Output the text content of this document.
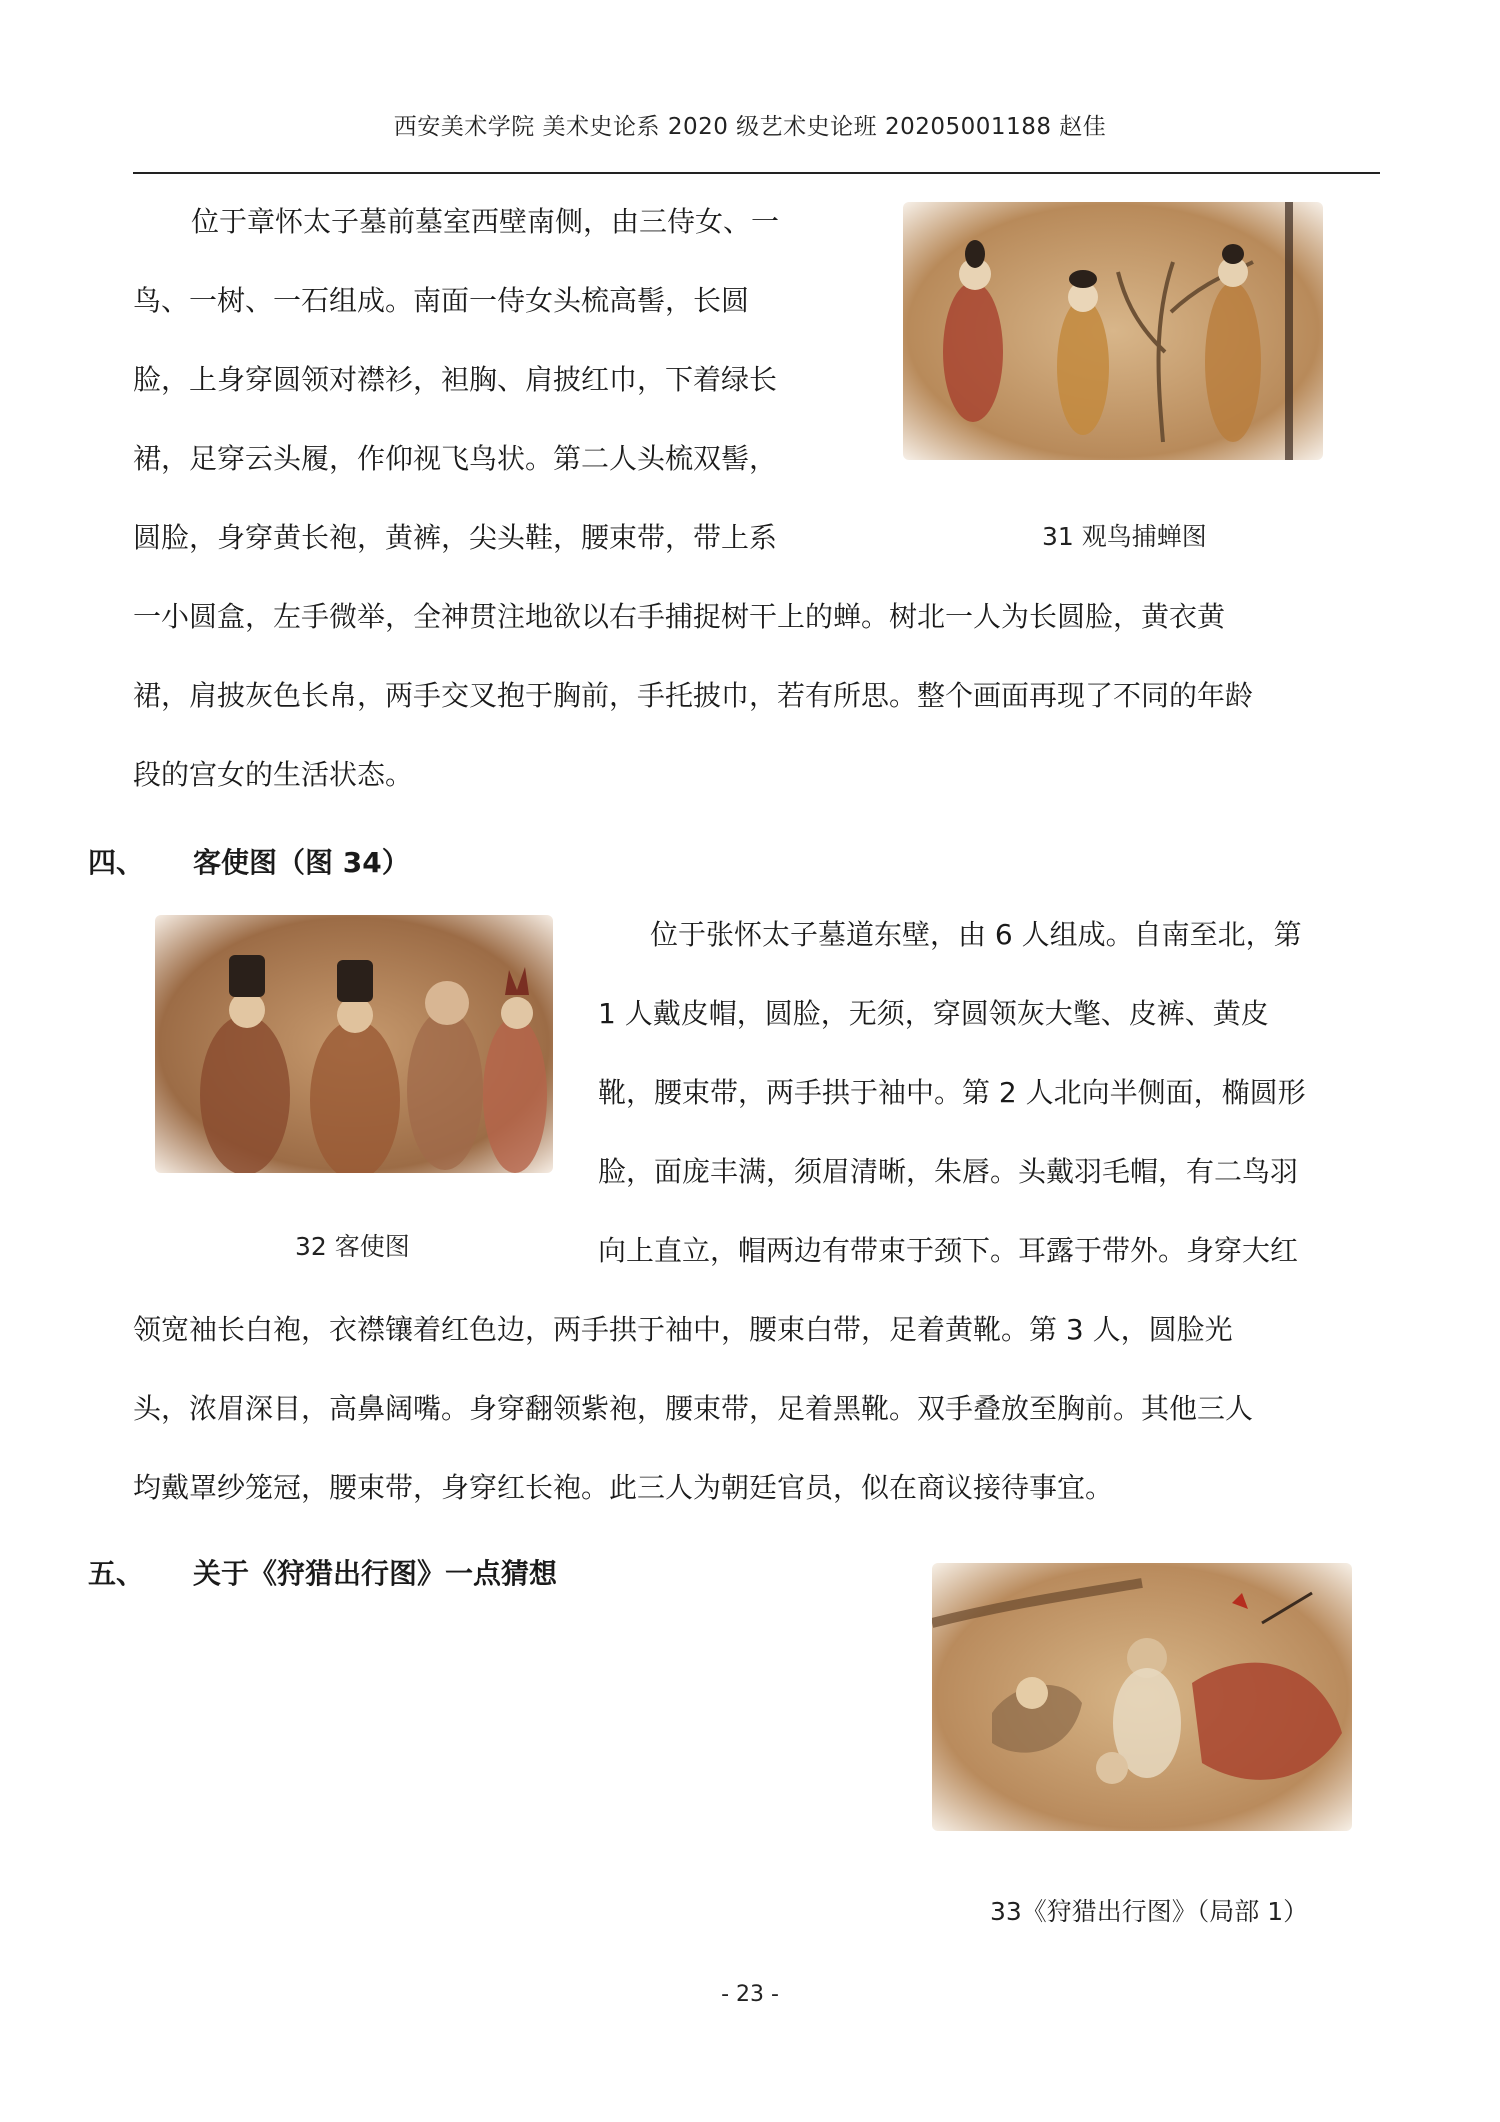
西安美术学院 美术史论系 2020 级艺术史论班 20205001188 赵佳
位于章怀太子墓前墓室西壁南侧，由三侍女、一
鸟、一树、一石组成。南面一侍女头梳高髻，长圆
脸，上身穿圆领对襟衫，袒胸、肩披红巾，下着绿长
裙，足穿云头履，作仰视飞鸟状。第二人头梳双髻，
圆脸，身穿黄长袍，黄裤，尖头鞋，腰束带，带上系
一小圆盒，左手微举，全神贯注地欲以右手捕捉树干上的蝉。树北一人为长圆脸，黄衣黄
裙，肩披灰色长帛，两手交叉抱于胸前，手托披巾，若有所思。整个画面再现了不同的年龄
段的宫女的生活状态。
31 观鸟捕蝉图
四、 客使图（图 34）
32 客使图
位于张怀太子墓道东壁，由 6 人组成。自南至北，第
1 人戴皮帽，圆脸，无须，穿圆领灰大氅、皮裤、黄皮
靴，腰束带，两手拱于袖中。第 2 人北向半侧面，椭圆形
脸，面庞丰满，须眉清晰，朱唇。头戴羽毛帽，有二鸟羽
向上直立，帽两边有带束于颈下。耳露于带外。身穿大红
领宽袖长白袍，衣襟镶着红色边，两手拱于袖中，腰束白带，足着黄靴。第 3 人，圆脸光
头，浓眉深目，高鼻阔嘴。身穿翻领紫袍，腰束带，足着黑靴。双手叠放至胸前。其他三人
均戴罩纱笼冠，腰束带，身穿红长袍。此三人为朝廷官员，似在商议接待事宜。
五、 关于《狩猎出行图》一点猜想
33《狩猎出行图》（局部 1）
- 23 -
